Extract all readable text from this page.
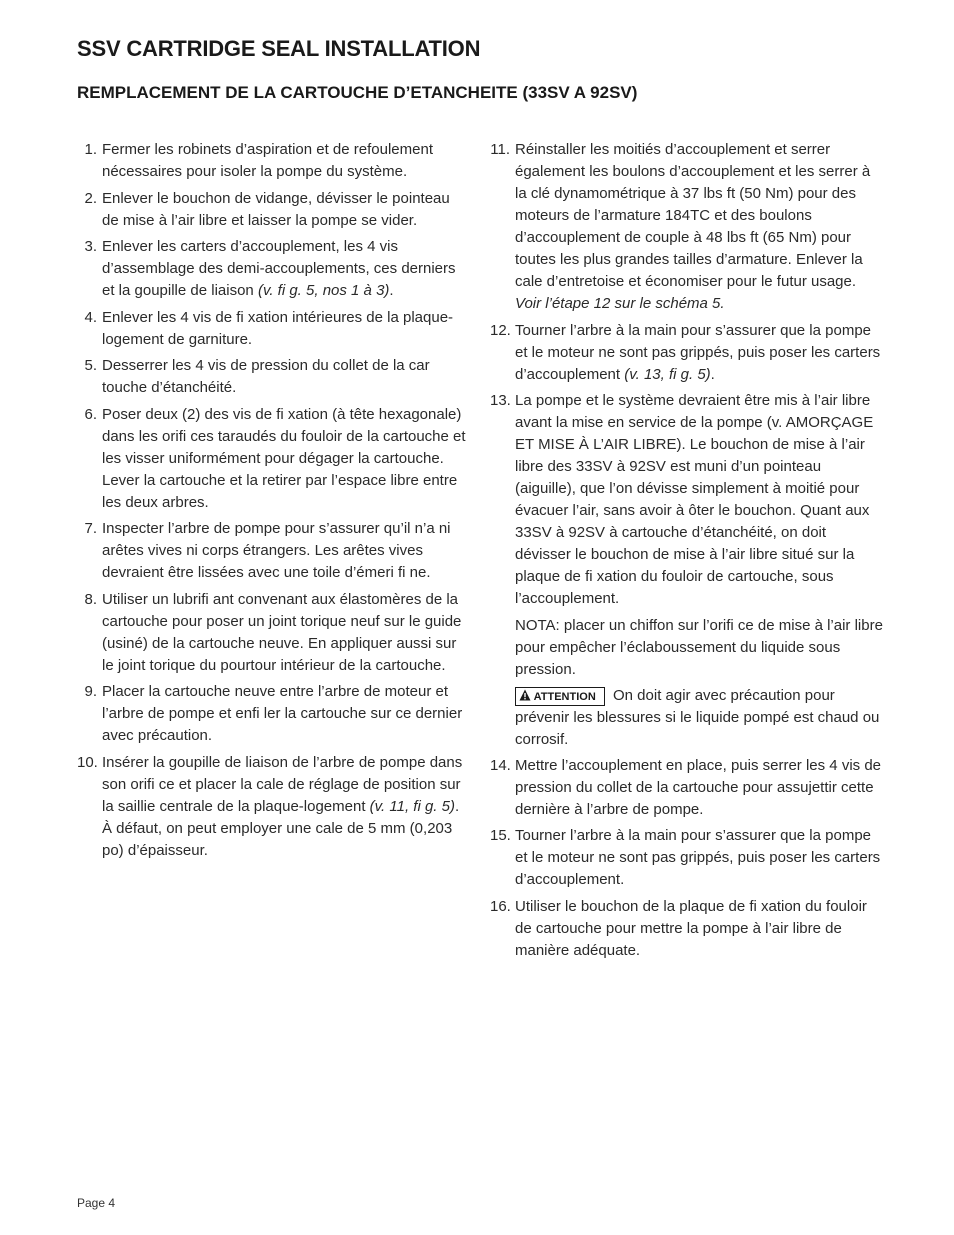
SSV CARTRIDGE SEAL INSTALLATION
REMPLACEMENT DE LA CARTOUCHE D’ETANCHEITE (33SV A 92SV)
1. Fermer les robinets d’aspiration et de refoulement nécessaires pour isoler la pompe du système.
2. Enlever le bouchon de vidange, dévisser le pointeau de mise à l’air libre et laisser la pompe se vider.
3. Enlever les carters d’accouplement, les 4 vis d’assemblage des demi-accouplements, ces derniers et la goupille de liaison (v. fi g. 5, nos 1 à 3).
4. Enlever les 4 vis de fi xation intérieures de la plaque-logement de garniture.
5. Desserrer les 4 vis de pression du collet de la car touche d’étanchéité.
6. Poser deux (2) des vis de fi xation (à tête hexagonale) dans les orifi ces taraudés du fouloir de la cartouche et les visser uniformément pour dégager la cartouche. Lever la cartouche et la retirer par l’espace libre entre les deux arbres.
7. Inspecter l’arbre de pompe pour s’assurer qu’il n’a ni arêtes vives ni corps étrangers. Les arêtes vives devraient être lissées avec une toile d’émeri fi ne.
8. Utiliser un lubrifi ant convenant aux élastomères de la cartouche pour poser un joint torique neuf sur le guide (usiné) de la cartouche neuve. En appliquer aussi sur le joint torique du pourtour intérieur de la cartouche.
9. Placer la cartouche neuve entre l’arbre de moteur et l’arbre de pompe et enfi ler la cartouche sur ce dernier avec précaution.
10. Insérer la goupille de liaison de l’arbre de pompe dans son orifi ce et placer la cale de réglage de position sur la saillie centrale de la plaque-logement (v. 11, fi g. 5). À défaut, on peut employer une cale de 5 mm (0,203 po) d’épaisseur.
11. Réinstaller les moitiés d’accouplement et serrer également les boulons d’accouplement et les serrer à la clé dynamométrique à 37 lbs ft (50 Nm) pour des moteurs de l’armature 184TC et des boulons d’accouplement de couple à 48 lbs ft (65 Nm) pour toutes les plus grandes tailles d’armature. Enlever la cale d’entretoise et économiser pour le futur usage. Voir l’étape 12 sur le schéma 5.
12. Tourner l’arbre à la main pour s’assurer que la pompe et le moteur ne sont pas grippés, puis poser les carters d’accouplement (v. 13, fi g. 5).
13. La pompe et le système devraient être mis à l’air libre avant la mise en service de la pompe (v. AMORÇAGE ET MISE À L’AIR LIBRE). Le bouchon de mise à l’air libre des 33SV à 92SV est muni d’un pointeau (aiguille), que l’on dévisse simplement à moitié pour évacuer l’air, sans avoir à ôter le bouchon. Quant aux 33SV à 92SV à cartouche d’étanchéité, on doit dévisser le bouchon de mise à l’air libre situé sur la plaque de fi xation du fouloir de cartouche, sous l’accouplement.
NOTA: placer un chiffon sur l’orifi ce de mise à l’air libre pour empêcher l’éclaboussement du liquide sous pression.
ATTENTION	On doit agir avec précaution pour prévenir les blessures si le liquide pompé est chaud ou corrosif.
14. Mettre l’accouplement en place, puis serrer les 4 vis de pression du collet de la cartouche pour assujettir cette dernière à l’arbre de pompe.
15. Tourner l’arbre à la main pour s’assurer que la pompe et le moteur ne sont pas grippés, puis poser les carters d’accouplement.
16. Utiliser le bouchon de la plaque de fi xation du fouloir de cartouche pour mettre la pompe à l’air libre de manière adéquate.
Page 4
